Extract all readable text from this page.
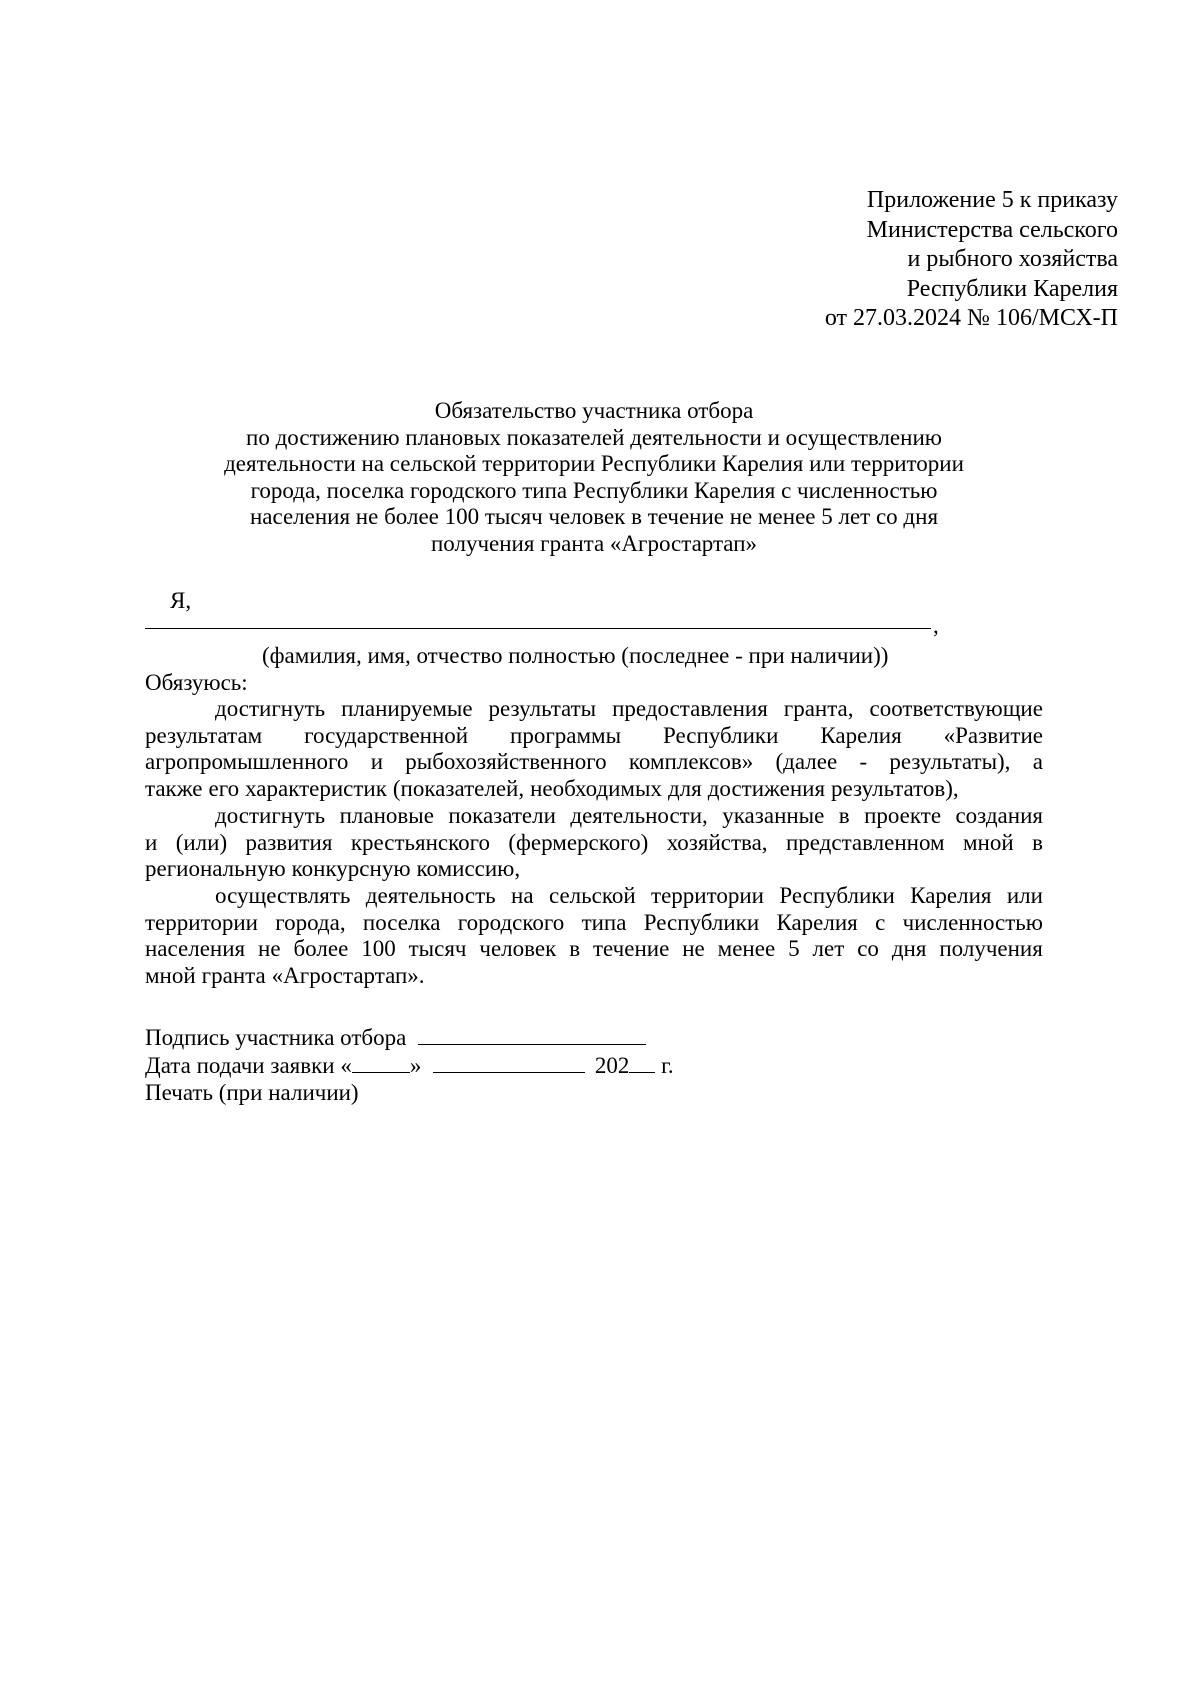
Приложение 5 к приказу
Министерства сельского
и рыбного хозяйства
Республики Карелия
от 27.03.2024 № 106/МСХ-П
Обязательство участника отбора
по достижению плановых показателей деятельности и осуществлению
деятельности на сельской территории Республики Карелия или территории
города, поселка городского типа Республики Карелия с численностью
населения не более 100 тысяч человек в течение не менее 5 лет со дня
получения гранта «Агростартап»
Я,
,
(фамилия, имя, отчество полностью (последнее - при наличии))
Обязуюсь:
достигнуть планируемые результаты предоставления гранта, соответствующие
результатам государственной программы Республики Карелия «Развитие
агропромышленного и рыбохозяйственного комплексов» (далее - результаты), а
также его характеристик (показателей, необходимых для достижения результатов),
достигнуть плановые показатели деятельности, указанные в проекте создания
и (или) развития крестьянского (фермерского) хозяйства, представленном мной в
региональную конкурсную комиссию,
осуществлять деятельность на сельской территории Республики Карелия или
территории города, поселка городского типа Республики Карелия с численностью
населения не более 100 тысяч человек в течение не менее 5 лет со дня получения
мной гранта «Агростартап».
Подпись участника отбора
Дата подачи заявки «	»	202 г.
Печать (при наличии)
